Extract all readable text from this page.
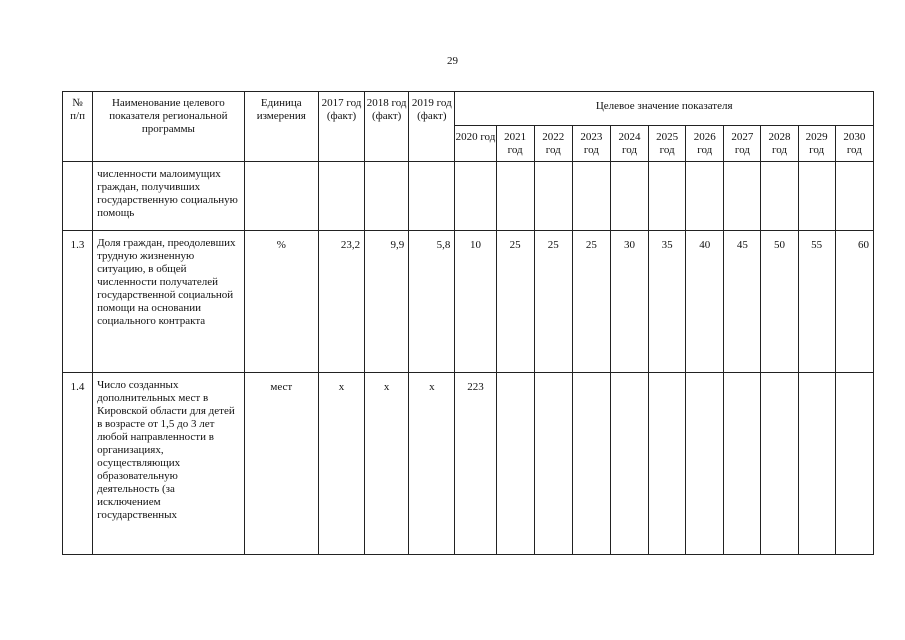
29
№
п/п	Наименование целевого показателя региональной программы	Единица измерения	2017 год (факт)	2018 год (факт)	2019 год (факт)	Целевое значение показателя										
						2020 год	2021 год	2022 год	2023 год	2024 год	2025 год	2026 год	2027 год	2028 год	2029 год	2030 год
	численности малоимущих граждан, получивших государственную социальную помощь															
1.3	Доля граждан, преодолевших трудную жизненную ситуацию, в общей численности получателей государственной социальной помощи на основании социального контракта	%	23,2	9,9	5,8	10	25	25	25	30	35	40	45	50	55	60
1.4	Число созданных дополнительных мест в Кировской области для детей в возрасте от 1,5 до 3 лет любой направленности в организациях, осуществляющих образовательную деятельность (за исключением государственных	мест	х	х	х	223										
